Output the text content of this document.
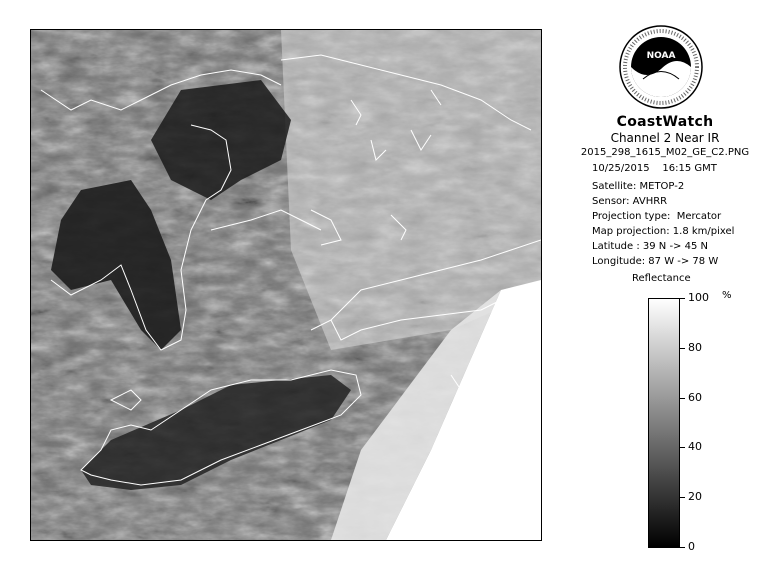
NOAA
CoastWatch
Channel 2 Near IR
2015_298_1615_M02_GE_C2.PNG
10/25/2015 16:15 GMT
Satellite: METOP-2
Sensor: AVHRR
Projection type:  Mercator
Map projection: 1.8 km/pixel
Latitude : 39 N -> 45 N
Longitude: 87 W -> 78 W
Reflectance
%
100
80
60
40
20
0
